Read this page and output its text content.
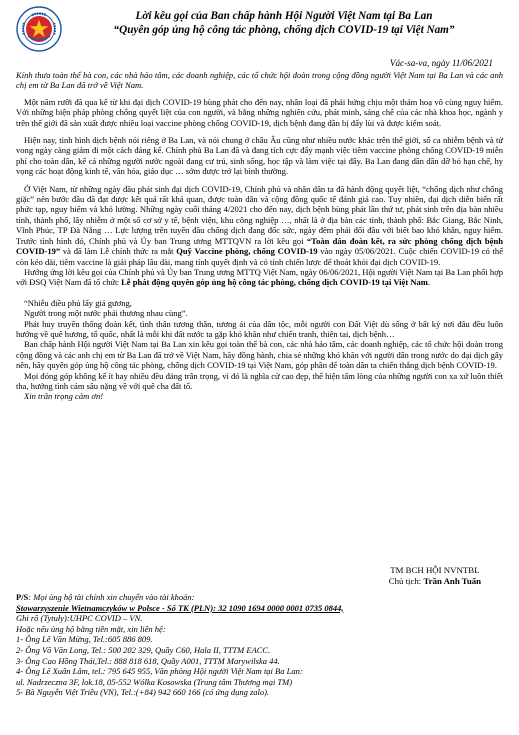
Lời kêu gọi của Ban chấp hành Hội Người Việt Nam tại Ba Lan
“Quyên góp ủng hộ công tác phòng, chống dịch COVID-19 tại Việt Nam”
Vác-sa-va, ngày 11/06/2021

Kính thưa toàn thể bà con, các nhà hảo tâm, các doanh nghiệp, các tổ chức hội đoàn trong cộng đồng người Việt Nam tại Ba Lan và các anh chị em từ Ba Lan đã trở về Việt Nam.

Một năm rưỡi đã qua kể từ khi đại dịch COVID-19 bùng phát cho đến nay, nhân loại đã phải hứng chịu một thảm hoạ vô cùng nguy hiểm. Với những biện pháp phòng chống quyết liệt của con người, và bằng những nghiên cứu, phát minh, sáng chế của các nhà khoa học, ngành y trên thế giới đã sản xuất được nhiều loại vaccine phòng chống COVID-19, dịch bệnh đang dần bị đẩy lùi và được kiểm soát.

Hiện nay, tình hình dịch bệnh nói riêng ở Ba Lan, và nói chung ở châu Âu cũng như nhiều nước khác trên thế giới, số ca nhiễm bệnh và tử vong ngày càng giảm đi một cách đáng kể. Chính phủ Ba Lan đã và đang tích cực đẩy mạnh việc tiêm vaccine phòng chống COVID-19 miễn phí cho toàn dân, kể cả những người nước ngoài đang cư trú, sinh sống, học tập và làm việc tại đây. Ba Lan đang dần dần dỡ bỏ hạn chế, hy vọng các hoạt động kinh tế, văn hóa, giáo dục … sớm được trở lại bình thường.

Ở Việt Nam, từ những ngày đầu phát sinh đại dịch COVID-19, Chính phủ và nhân dân ta đã hành động quyết liệt, “chống dịch như chống giặc” nên bước đầu đã đạt được kết quả rất khả quan, được toàn dân và cộng đồng quốc tế đánh giá cao. Tuy nhiên, đại dịch diễn biến rất phức tạp, nguy hiểm và khó lường. Những ngày cuối tháng 4/2021 cho đến nay, dịch bệnh bùng phát lần thứ tư, phát sinh trên địa bàn nhiều tỉnh, thành phố, lây nhiễm ở một số cơ sở y tế, bệnh viện, khu công nghiệp …, nhất là ở địa bàn các tỉnh, thành phố: Bắc Giang, Bắc Ninh, Vĩnh Phúc, TP Đà Nẵng … Lực lượng trên tuyến đầu chống dịch đang đốc sức, ngày đêm phải đối đầu với biết bao khó khăn, nguy hiểm. Trước tình hình đó, Chính phủ và Ủy ban Trung ương MTTQVN ra lời kêu gọi “Toàn dân đoàn kết, ra sức phòng chống dịch bệnh COVID-19” và đã làm Lễ chính thức ra mắt Quỹ Vaccine phòng, chống COVID-19 vào ngày 05/06/2021. Cuộc chiến COVID-19 có thể còn kéo dài, tiêm vaccine là giải pháp lâu dài, mang tính quyết định và có tính chiến lược để thoát khỏi đại dịch COVID-19.

Hưởng ứng lời kêu gọi của Chính phủ và Ủy ban Trung ương MTTQ Việt Nam, ngày 06/06/2021, Hội người Việt Nam tại Ba Lan phối hợp với ĐSQ Việt Nam đã tổ chức Lễ phát động quyên góp ủng hộ công tác phòng, chống dịch COVID-19 tại Việt Nam.

“Nhiễu điều phủ lấy giá gương,

Người trong một nước phải thương nhau cùng”.

Phát huy truyền thống đoàn kết, tình thân tương thân, tương ái của dân tộc, mỗi người con Đất Việt dù sống ở bất kỳ nơi đâu đều luôn hướng về quê hương, tổ quốc, nhất là mỗi khi đất nước ta gặp khó khăn như chiến tranh, thiên tai, dịch bệnh…

Ban chấp hành Hội người Việt Nam tại Ba Lan xin kêu gọi toàn thể bà con, các nhà hảo tâm, các doanh nghiệp, các tổ chức hội đoàn trong cộng đồng và các anh chị em từ Ba Lan đã trở về Việt Nam, hãy đồng hành, chia sẻ những khó khăn với người dân trong nước do đại dịch gây nên, hãy quyên góp ủng hộ công tác phòng, chống dịch COVID-19 tại Việt Nam, góp phần để toàn dân ta chiến thắng dịch bệnh COVID-19.

Mọi đóng góp không kể ít hay nhiều đều đáng trân trọng, vì đó là nghĩa cử cao đẹp, thể hiện tấm lòng của những người con xa xứ luôn thiết tha, hướng tình cảm sâu nặng về với quê cha đất tổ.

Xin trân trọng cảm ơn!

TM BCH HỘI NVNTBL
Chủ tịch: Trần Anh Tuấn

P/S: Mọi ủng hộ tài chính xin chuyển vào tài khoản:

Stowarzyszenie Wietnamczyków w Polsce - Số TK (PLN): 32 1090 1694 0000 0001 0735 0844,

Ghi rõ (Tytuły):UHPC COVID – VN.

Hoặc nếu ủng hộ bằng tiền mặt, xin liên hệ:

1- Ông Lê Văn Mừng, Tel.:605 886 809.

2- Ông Võ Văn Long, Tel.: 500 202 329, Quầy C60, Hala II, TTTM EACC.

3- Ông Cao Hồng Thái,Tel.: 888 818 618, Quầy A001, TTTM Marywilska 44.

4- Ông Lê Xuân Lâm, tel.: 795 645 955, Văn phòng Hội người Việt Nam tại Ba Lan:

ul. Nadrzeczna 3F, lok.18, 05-552 Wólka Kosowska (Trung tâm Thương mại TM)

5- Bà Nguyễn Việt Triều (VN), Tel.:(+84) 942 660 166 (có ứng dụng zalo).
